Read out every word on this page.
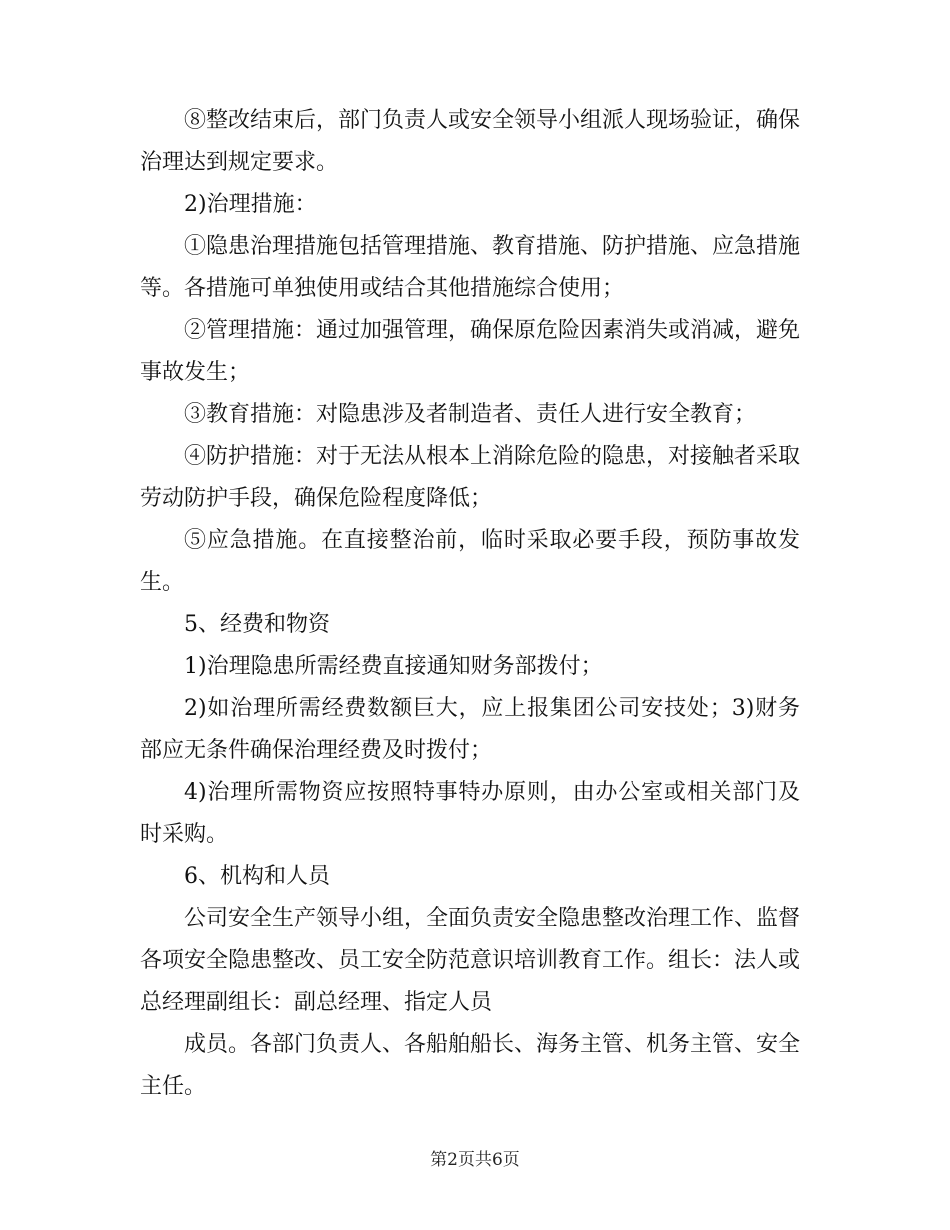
⑧整改结束后，部门负责人或安全领导小组派人现场验证，确保治理达到规定要求。

2)治理措施：

①隐患治理措施包括管理措施、教育措施、防护措施、应急措施等。各措施可单独使用或结合其他措施综合使用；

②管理措施：通过加强管理，确保原危险因素消失或消减，避免事故发生；

③教育措施：对隐患涉及者制造者、责任人进行安全教育；

④防护措施：对于无法从根本上消除危险的隐患，对接触者采取劳动防护手段，确保危险程度降低；

⑤应急措施。在直接整治前，临时采取必要手段，预防事故发生。

5、经费和物资

1)治理隐患所需经费直接通知财务部拨付；

2)如治理所需经费数额巨大，应上报集团公司安技处；3)财务部应无条件确保治理经费及时拨付；

4)治理所需物资应按照特事特办原则，由办公室或相关部门及时采购。

6、机构和人员

公司安全生产领导小组，全面负责安全隐患整改治理工作、监督各项安全隐患整改、员工安全防范意识培训教育工作。组长：法人或总经理副组长：副总经理、指定人员

成员。各部门负责人、各船舶船长、海务主管、机务主管、安全主任。

第2页共6页
